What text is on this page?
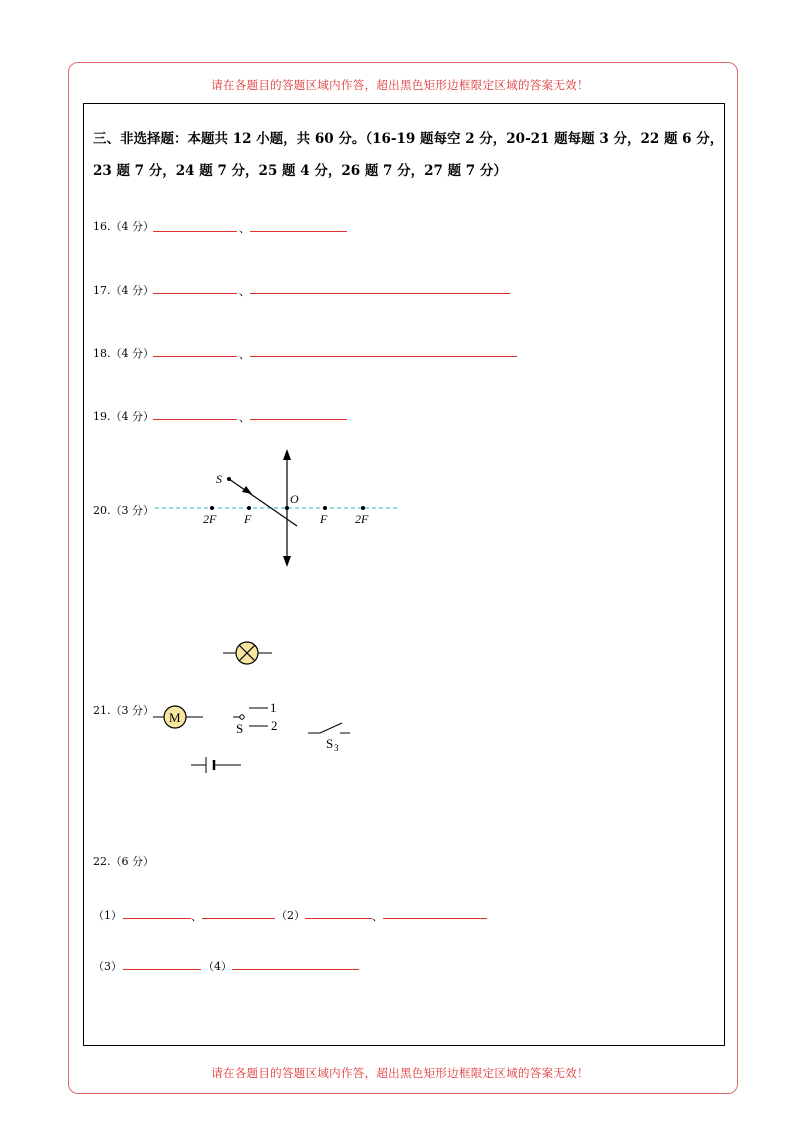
请在各题目的答题区域内作答，超出黑色矩形边框限定区域的答案无效！
请在各题目的答题区域内作答，超出黑色矩形边框限定区域的答案无效！
三、非选择题：本题共 12 小题，共 60 分。（16-19 题每空 2 分，20-21 题每题 3 分，22 题 6 分，
23 题 7 分，24 题 7 分，25 题 4 分，26 题 7 分，27 题 7 分）
16.（4 分）	、
17.（4 分）	、
18.（4 分）	、
19.（4 分）	、
20.（3 分）
S
O
2F F	F 2F
21.（3 分） M
1
2
S
S 3
22.（6 分）
（1）	、	（2）	、
（3）	（4）
